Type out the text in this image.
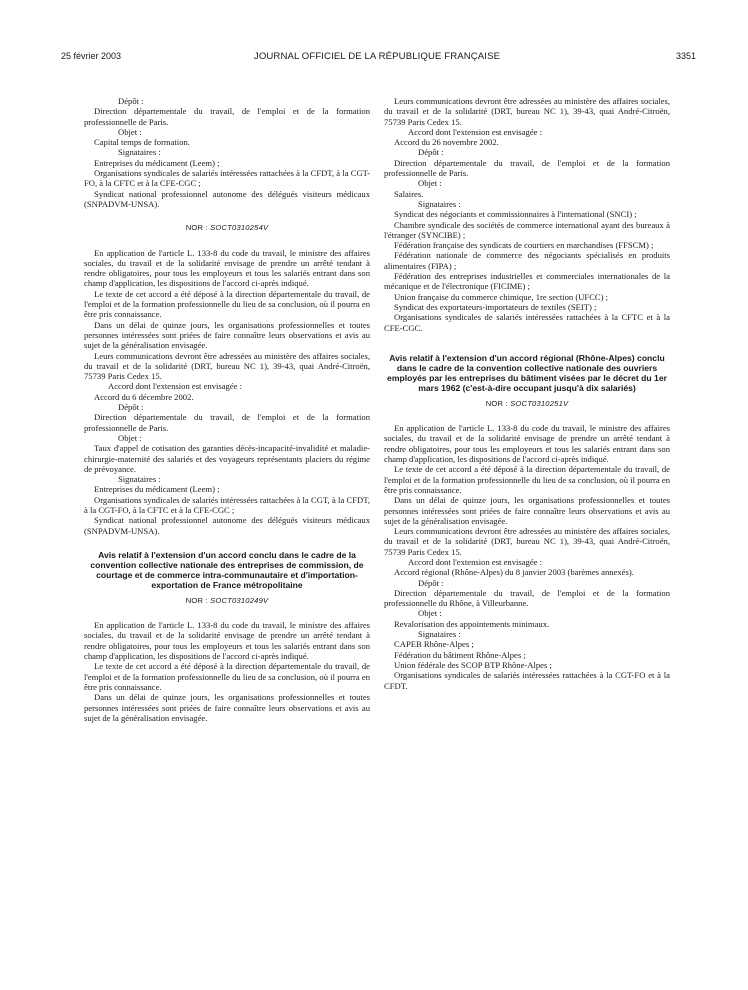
25 février 2003	JOURNAL OFFICIEL DE LA RÉPUBLIQUE FRANÇAISE	3351

Dépôt :

Direction départementale du travail, de l'emploi et de la formation professionnelle de Paris.

Objet :

Capital temps de formation.

Signataires :

Entreprises du médicament (Leem) ;

Organisations syndicales de salariés intéressées rattachées à la CFDT, à la CGT-FO, à la CFTC et à la CFE-CGC ;

Syndicat national professionnel autonome des délégués visiteurs médicaux (SNPADVM-UNSA).

NOR : SOCT0310254V

En application de l'article L. 133-8 du code du travail, le ministre des affaires sociales, du travail et de la solidarité envisage de prendre un arrêté tendant à rendre obligatoires, pour tous les employeurs et tous les salariés entrant dans son champ d'application, les dispositions de l'accord ci-après indiqué.

Le texte de cet accord a été déposé à la direction départementale du travail, de l'emploi et de la formation professionnelle du lieu de sa conclusion, où il pourra en être pris connaissance.

Dans un délai de quinze jours, les organisations professionnelles et toutes personnes intéressées sont priées de faire connaître leurs observations et avis au sujet de la généralisation envisagée.

Leurs communications devront être adressées au ministère des affaires sociales, du travail et de la solidarité (DRT, bureau NC 1), 39-43, quai André-Citroën, 75739 Paris Cedex 15.

Accord dont l'extension est envisagée :

Accord du 6 décembre 2002.

Dépôt :

Direction départementale du travail, de l'emploi et de la formation professionnelle de Paris.

Objet :

Taux d'appel de cotisation des garanties décès-incapacité-invalidité et maladie-chirurgie-maternité des salariés et des voyageurs représentants placiers du régime de prévoyance.

Signataires :

Entreprises du médicament (Leem) ;

Organisations syndicales de salariés intéressées rattachées à la CGT, à la CFDT, à la CGT-FO, à la CFTC et à la CFE-CGC ;

Syndicat national professionnel autonome des délégués visiteurs médicaux (SNPADVM-UNSA).

Avis relatif à l'extension d'un accord conclu dans le cadre de la convention collective nationale des entreprises de commission, de courtage et de commerce intra-communautaire et d'importation-exportation de France métropolitaine

NOR : SOCT0310249V

En application de l'article L. 133-8 du code du travail, le ministre des affaires sociales, du travail et de la solidarité envisage de prendre un arrêté tendant à rendre obligatoires, pour tous les employeurs et tous les salariés entrant dans son champ d'application, les dispositions de l'accord ci-après indiqué.

Le texte de cet accord a été déposé à la direction départementale du travail, de l'emploi et de la formation professionnelle du lieu de sa conclusion, où il pourra en être pris connaissance.

Dans un délai de quinze jours, les organisations professionnelles et toutes personnes intéressées sont priées de faire connaître leurs observations et avis au sujet de la généralisation envisagée.

Leurs communications devront être adressées au ministère des affaires sociales, du travail et de la solidarité (DRT, bureau NC 1), 39-43, quai André-Citroën, 75739 Paris Cedex 15.

Accord dont l'extension est envisagée :

Accord du 26 novembre 2002.

Dépôt :

Direction départementale du travail, de l'emploi et de la formation professionnelle de Paris.

Objet :

Salaires.

Signataires :

Syndicat des négociants et commissionnaires à l'international (SNCI) ;

Chambre syndicale des sociétés de commerce international ayant des bureaux à l'étranger (SYNCIBE) ;

Fédération française des syndicats de courtiers en marchandises (FFSCM) ;

Fédération nationale de commerce des négociants spécialisés en produits alimentaires (FIPA) ;

Fédération des entreprises industrielles et commerciales internationales de la mécanique et de l'électronique (FICIME) ;

Union française du commerce chimique, 1re section (UFCC) ;

Syndicat des exportateurs-importateurs de textiles (SEIT) ;

Organisations syndicales de salariés intéressées rattachées à la CFTC et à la CFE-CGC.

Avis relatif à l'extension d'un accord régional (Rhône-Alpes) conclu dans le cadre de la convention collective nationale des ouvriers employés par les entreprises du bâtiment visées par le décret du 1er mars 1962 (c'est-à-dire occupant jusqu'à dix salariés)

NOR : SOCT0310251V

En application de l'article L. 133-8 du code du travail, le ministre des affaires sociales, du travail et de la solidarité envisage de prendre un arrêté tendant à rendre obligatoires, pour tous les employeurs et tous les salariés entrant dans son champ d'application, les dispositions de l'accord ci-après indiqué.

Le texte de cet accord a été déposé à la direction départementale du travail, de l'emploi et de la formation professionnelle du lieu de sa conclusion, où il pourra en être pris connaissance.

Dans un délai de quinze jours, les organisations professionnelles et toutes personnes intéressées sont priées de faire connaître leurs observations et avis au sujet de la généralisation envisagée.

Leurs communications devront être adressées au ministère des affaires sociales, du travail et de la solidarité (DRT, bureau NC 1), 39-43, quai André-Citroën, 75739 Paris Cedex 15.

Accord dont l'extension est envisagée :

Accord régional (Rhône-Alpes) du 8 janvier 2003 (barèmes annexés).

Dépôt :

Direction départementale du travail, de l'emploi et de la formation professionnelle du Rhône, à Villeurbanne.

Objet :

Revalorisation des appointements minimaux.

Signataires :

CAPEB Rhône-Alpes ;

Fédération du bâtiment Rhône-Alpes ;

Union fédérale des SCOP BTP Rhône-Alpes ;

Organisations syndicales de salariés intéressées rattachées à la CGT-FO et à la CFDT.
